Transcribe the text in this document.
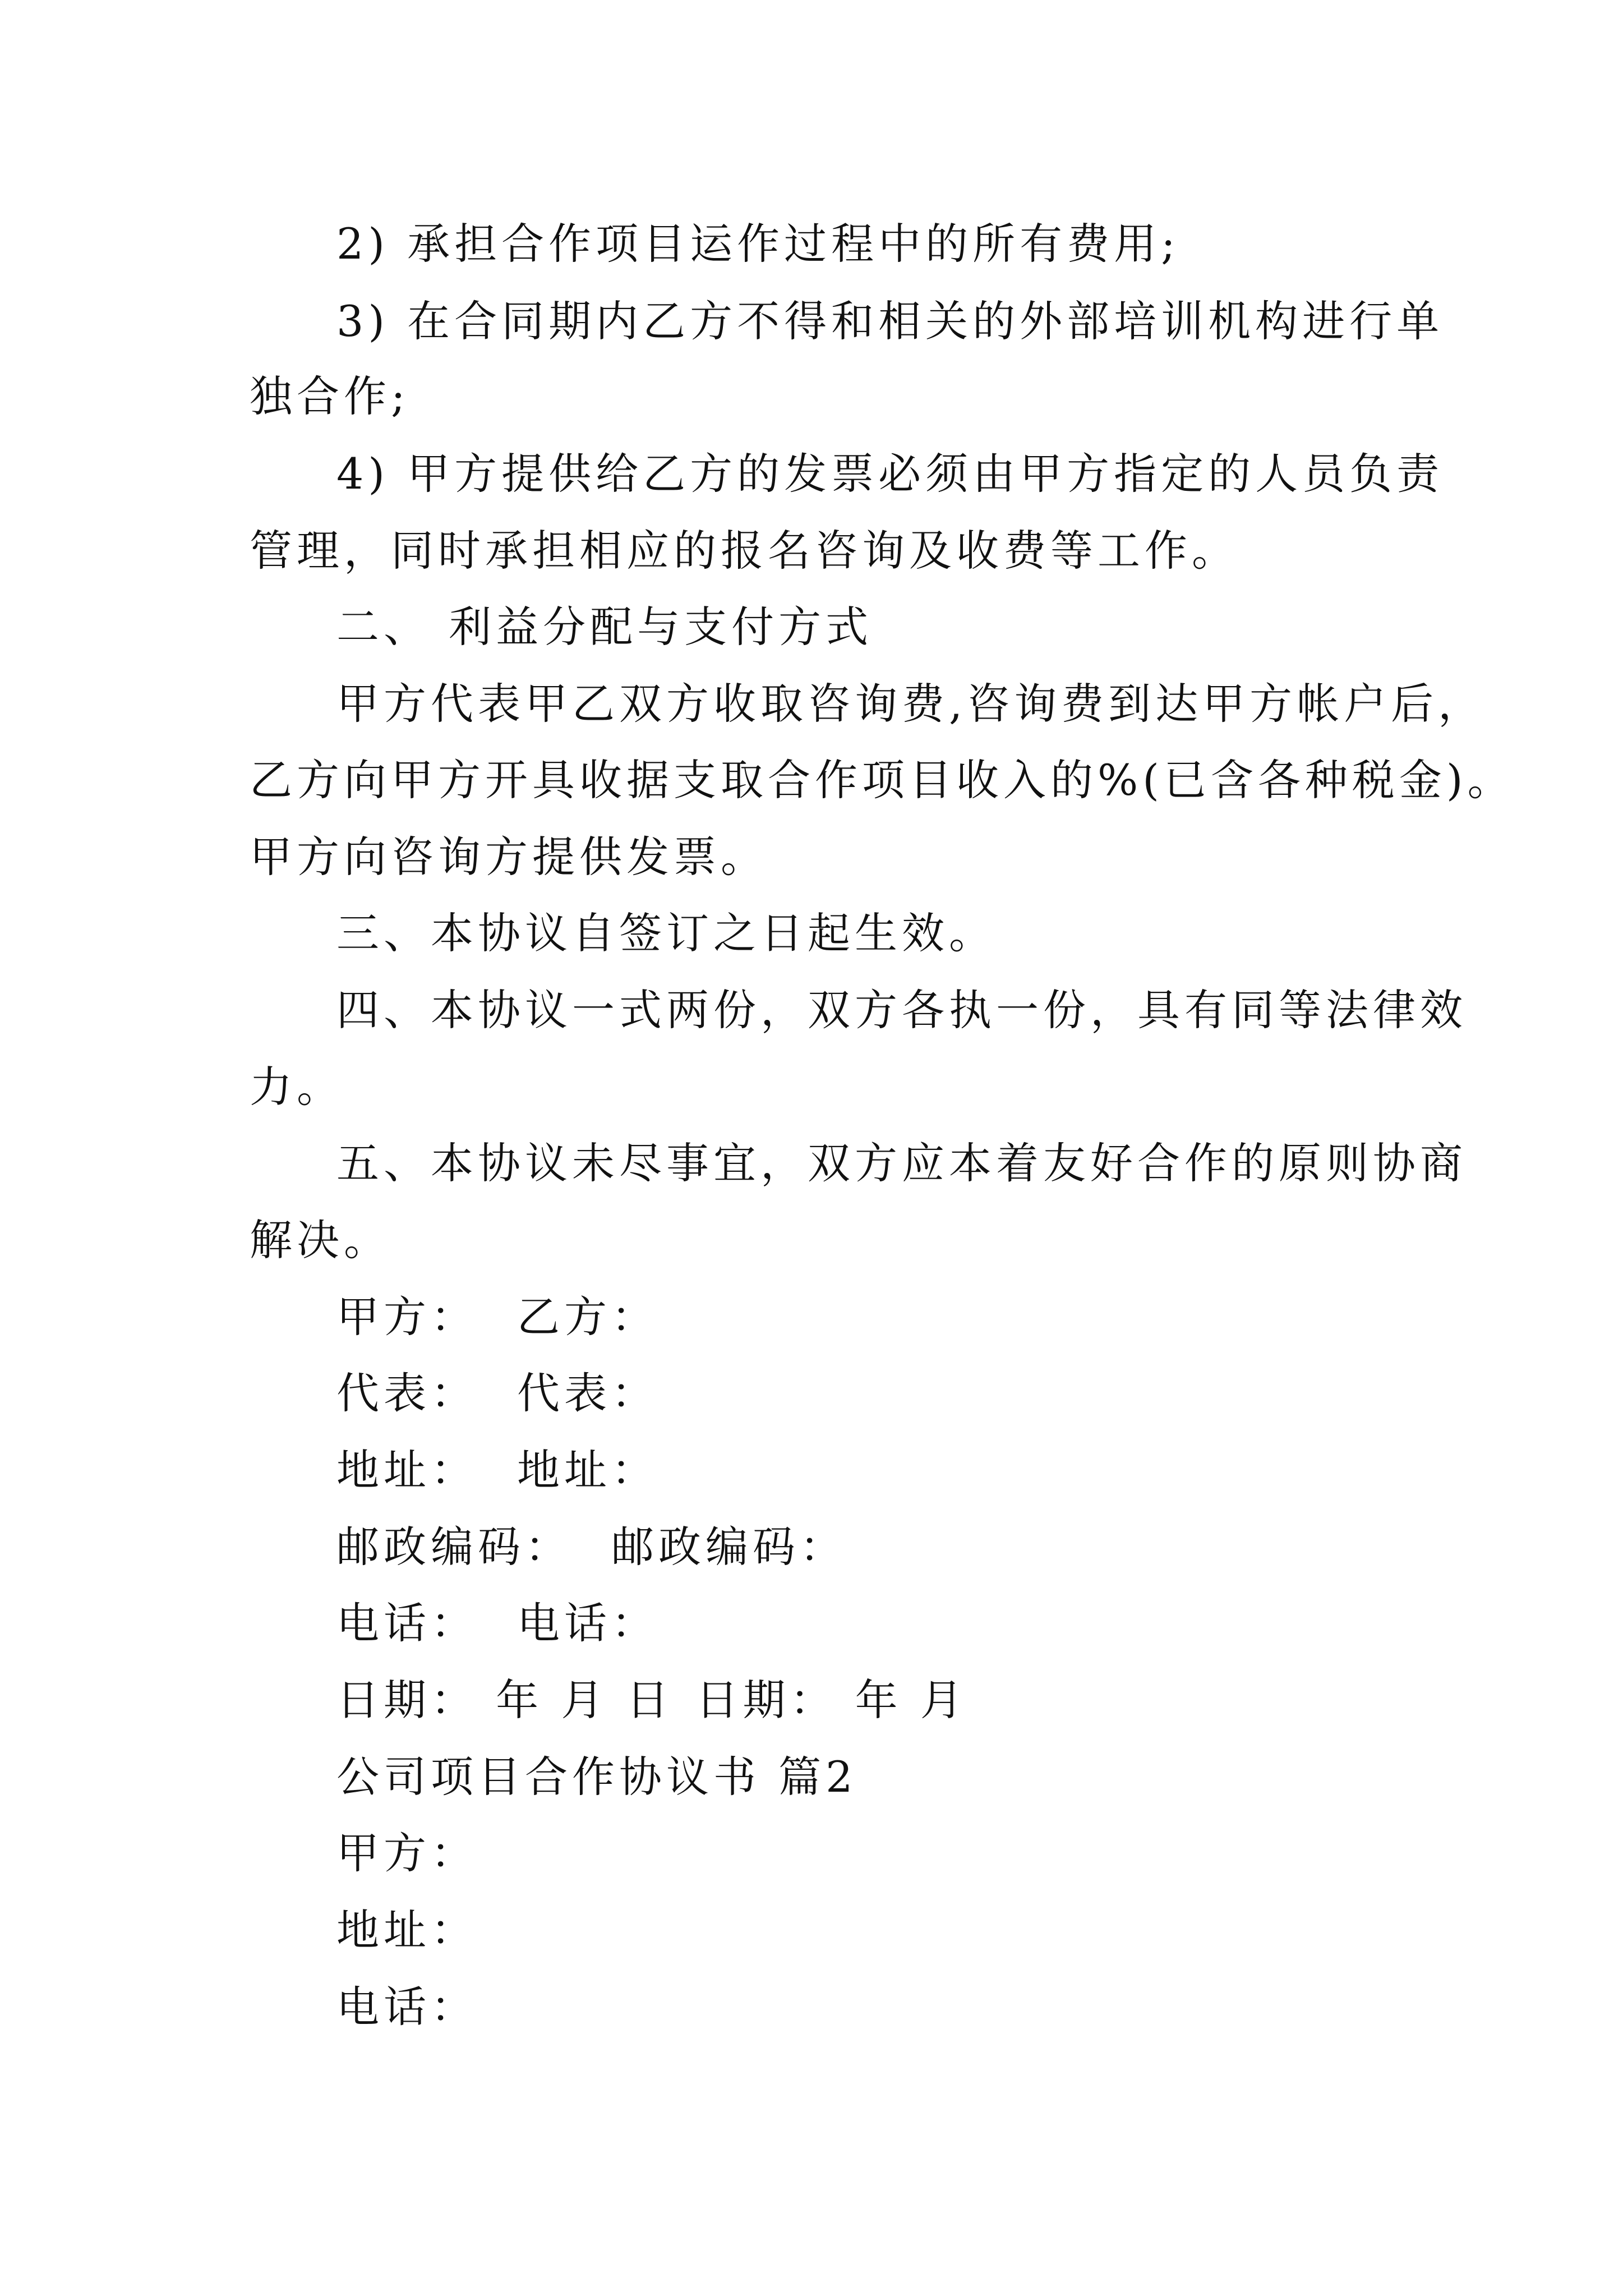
2) 承担合作项目运作过程中的所有费用;
3) 在合同期内乙方不得和相关的外部培训机构进行单
独合作;
4) 甲方提供给乙方的发票必须由甲方指定的人员负责
管理，同时承担相应的报名咨询及收费等工作。
二、 利益分配与支付方式
甲方代表甲乙双方收取咨询费,咨询费到达甲方帐户后，
乙方向甲方开具收据支取合作项目收入的%(已含各种税金)。
甲方向咨询方提供发票。
三、本协议自签订之日起生效。
四、本协议一式两份，双方各执一份，具有同等法律效
力。
五、本协议未尽事宜，双方应本着友好合作的原则协商
解决。
甲方： 乙方：
代表： 代表：
地址： 地址：
邮政编码： 邮政编码：
电话： 电话：
日期： 年 月 日 日期： 年 月
公司项目合作协议书 篇2
甲方：
地址：
电话：
